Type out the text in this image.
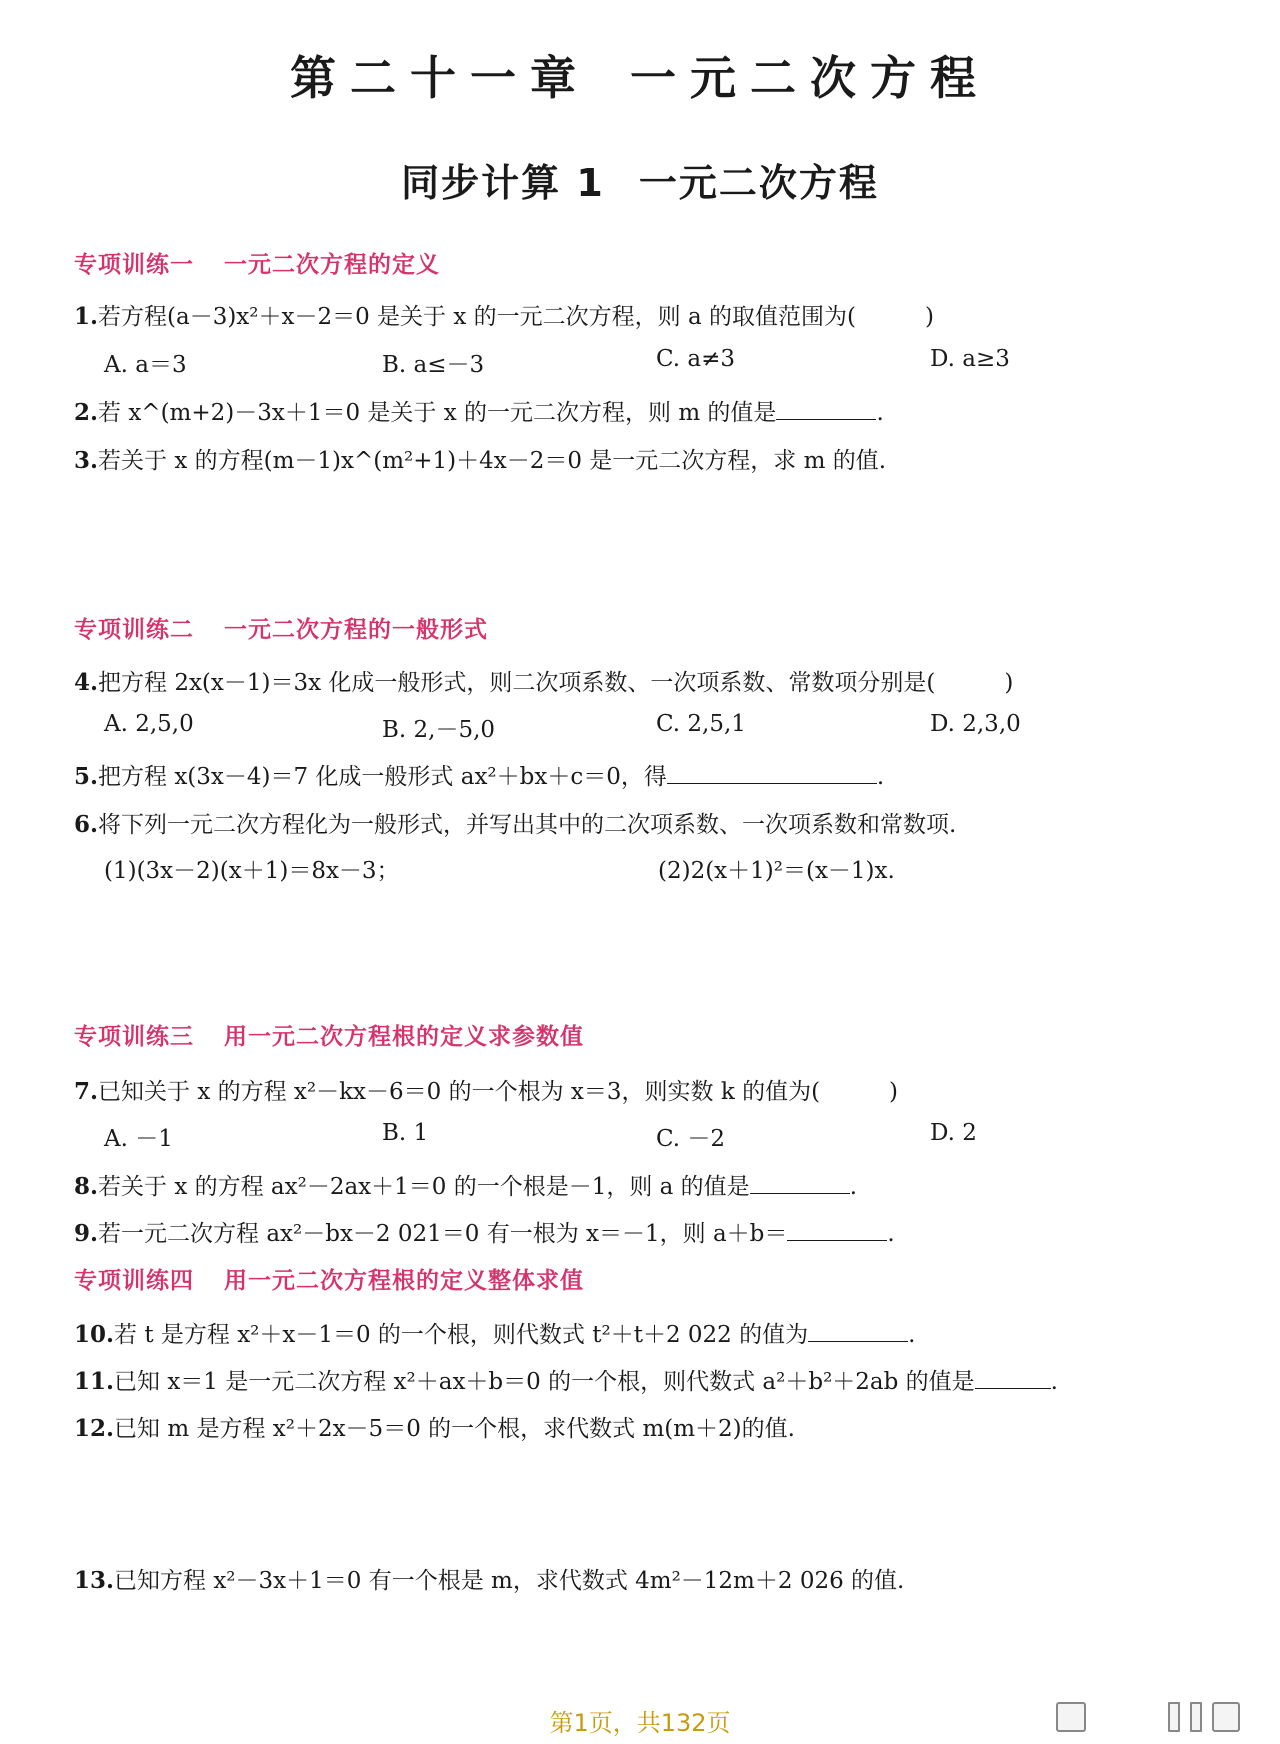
第二十一章 一元二次方程
同步计算 1 一元二次方程
专项训练一 一元二次方程的定义
1.若方程(a－3)x²＋x－2＝0 是关于 x 的一元二次方程，则 a 的取值范围为(　　　)
A. a＝3	B. a≤－3	C. a≠3	D. a≥3
2.若 x^(m+2)－3x＋1＝0 是关于 x 的一元二次方程，则 m 的值是	.
3.若关于 x 的方程(m－1)x^(m²+1)＋4x－2＝0 是一元二次方程，求 m 的值.
专项训练二 一元二次方程的一般形式
4.把方程 2x(x－1)＝3x 化成一般形式，则二次项系数、一次项系数、常数项分别是(　　　)
A. 2,5,0	B. 2,－5,0	C. 2,5,1	D. 2,3,0
5.把方程 x(3x－4)＝7 化成一般形式 ax²＋bx＋c＝0，得	.
6.将下列一元二次方程化为一般形式，并写出其中的二次项系数、一次项系数和常数项.
(1)(3x－2)(x＋1)＝8x－3；	(2)2(x＋1)²＝(x－1)x.
专项训练三 用一元二次方程根的定义求参数值
7.已知关于 x 的方程 x²－kx－6＝0 的一个根为 x＝3，则实数 k 的值为(　　　)
A. －1	B. 1	C. －2	D. 2
8.若关于 x 的方程 ax²－2ax＋1＝0 的一个根是－1，则 a 的值是	.
9.若一元二次方程 ax²－bx－2 021＝0 有一根为 x＝－1，则 a＋b＝	.
专项训练四 用一元二次方程根的定义整体求值
10.若 t 是方程 x²＋x－1＝0 的一个根，则代数式 t²＋t＋2 022 的值为	.
11.已知 x＝1 是一元二次方程 x²＋ax＋b＝0 的一个根，则代数式 a²＋b²＋2ab 的值是	.
12.已知 m 是方程 x²＋2x－5＝0 的一个根，求代数式 m(m＋2)的值.
13.已知方程 x²－3x＋1＝0 有一个根是 m，求代数式 4m²－12m＋2 026 的值.
第1页，共132页
